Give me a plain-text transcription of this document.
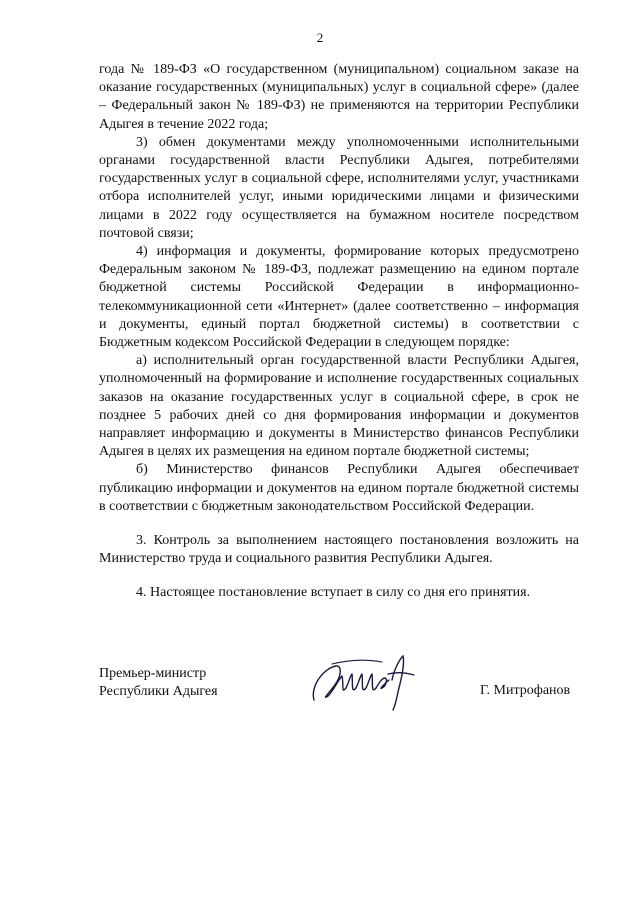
2

года № 189-ФЗ «О государственном (муниципальном) социальном заказе на оказание государственных (муниципальных) услуг в социальной сфере» (далее – Федеральный закон № 189-ФЗ) не применяются на территории Республики Адыгея в течение 2022 года;

3) обмен документами между уполномоченными исполнительными органами государственной власти Республики Адыгея, потребителями государственных услуг в социальной сфере, исполнителями услуг, участниками отбора исполнителей услуг, иными юридическими лицами и физическими лицами в 2022 году осуществляется на бумажном носителе посредством почтовой связи;

4) информация и документы, формирование которых предусмотрено Федеральным законом № 189-ФЗ, подлежат размещению на едином портале бюджетной системы Российской Федерации в информационно-телекоммуникационной сети «Интернет» (далее соответственно – информация и документы, единый портал бюджетной системы) в соответствии с Бюджетным кодексом Российской Федерации в следующем порядке:

а) исполнительный орган государственной власти Республики Адыгея, уполномоченный на формирование и исполнение государственных социальных заказов на оказание государственных услуг в социальной сфере, в срок не позднее 5 рабочих дней со дня формирования информации и документов направляет информацию и документы в Министерство финансов Республики Адыгея в целях их размещения на едином портале бюджетной системы;

б) Министерство финансов Республики Адыгея обеспечивает публикацию информации и документов на едином портале бюджетной системы в соответствии с бюджетным законодательством Российской Федерации.

3. Контроль за выполнением настоящего постановления возложить на Министерство труда и социального развития Республики Адыгея.

4. Настоящее постановление вступает в силу со дня его принятия.

Премьер-министр
Республики Адыгея	Г. Митрофанов
